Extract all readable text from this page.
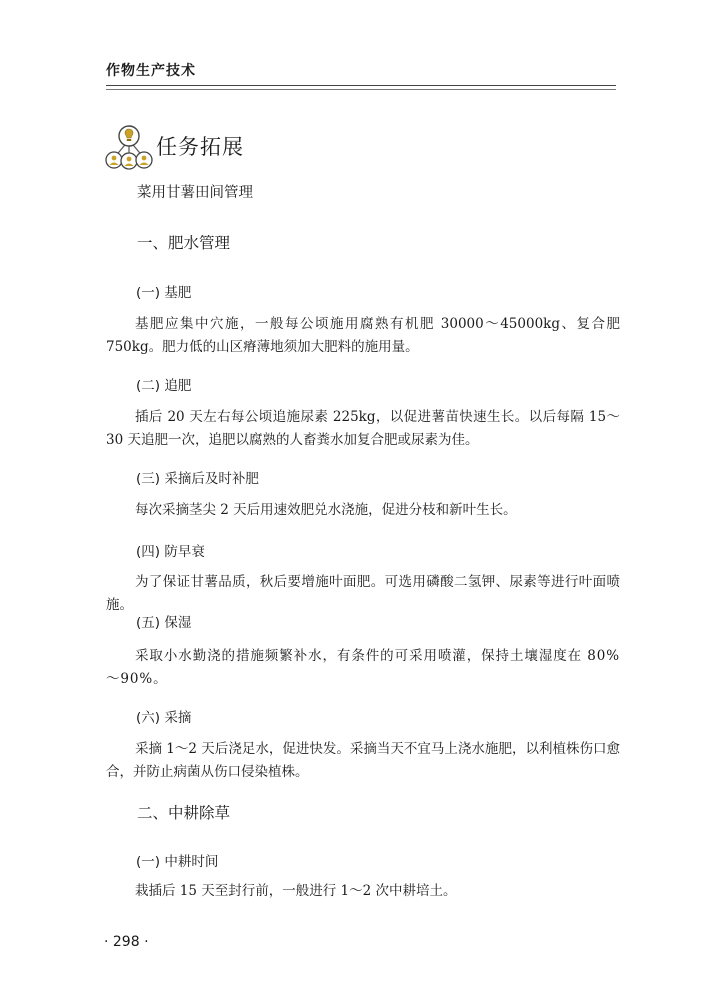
作物生产技术
任务拓展
菜用甘薯田间管理
一、肥水管理
(一) 基肥
基肥应集中穴施，一般每公顷施用腐熟有机肥 30000～45000kg、复合肥 750kg。肥力低的山区瘠薄地须加大肥料的施用量。
(二) 追肥
插后 20 天左右每公顷追施尿素 225kg，以促进薯苗快速生长。以后每隔 15～30 天追肥一次，追肥以腐熟的人畜粪水加复合肥或尿素为佳。
(三) 采摘后及时补肥
每次采摘茎尖 2 天后用速效肥兑水浇施，促进分枝和新叶生长。
(四) 防早衰
为了保证甘薯品质，秋后要增施叶面肥。可选用磷酸二氢钾、尿素等进行叶面喷施。
(五) 保湿
采取小水勤浇的措施频繁补水，有条件的可采用喷灌，保持土壤湿度在 80%～90%。
(六) 采摘
采摘 1～2 天后浇足水，促进快发。采摘当天不宜马上浇水施肥，以利植株伤口愈合，并防止病菌从伤口侵染植株。
二、中耕除草
(一) 中耕时间
栽插后 15 天至封行前，一般进行 1～2 次中耕培土。
· 298 ·
